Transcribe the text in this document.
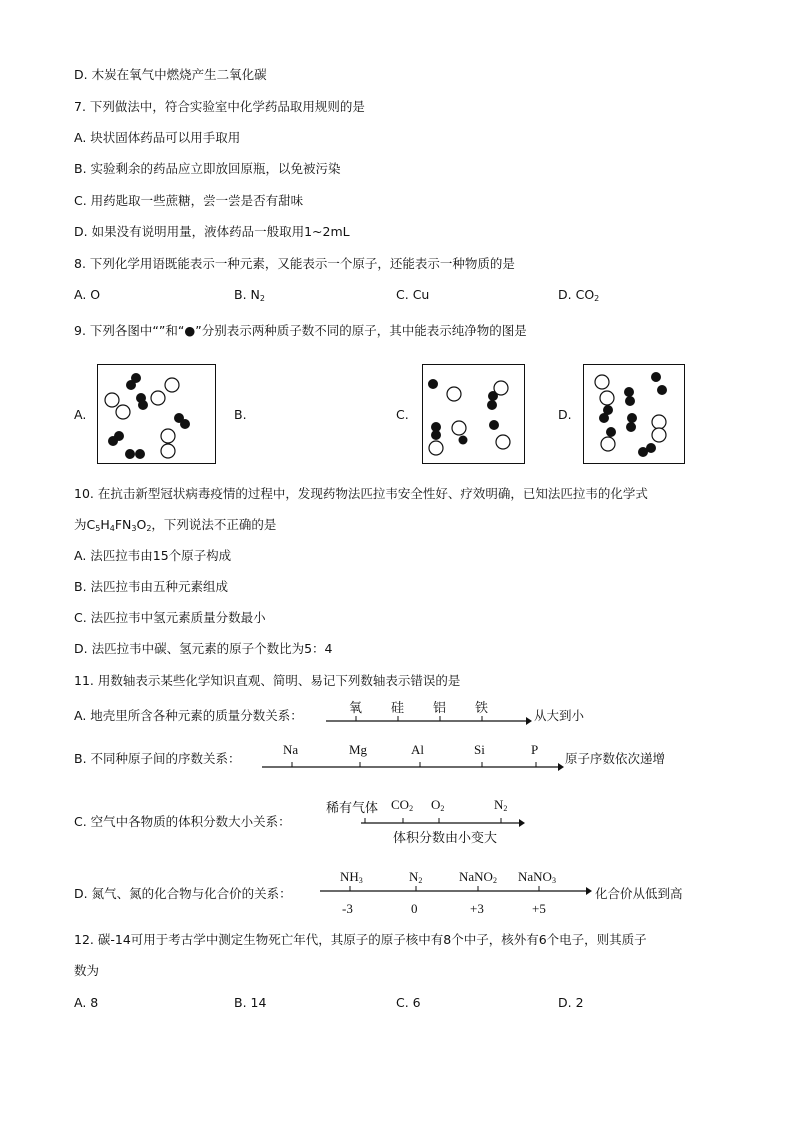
D. 木炭在氧气中燃烧产生二氧化碳
7. 下列做法中，符合实验室中化学药品取用规则的是
A. 块状固体药品可以用手取用
B. 实验剩余的药品应立即放回原瓶，以免被污染
C. 用药匙取一些蔗糖，尝一尝是否有甜味
D. 如果没有说明用量，液体药品一般取用1~2mL
8. 下列化学用语既能表示一种元素，又能表示一个原子，还能表示一种物质的是
A. O	B. $N_2$	C. Cu	D. $CO_2$
9. 下列各图中“”和“●”分别表示两种质子数不同的原子，其中能表示纯净物的图是
A.	B.	C.	D.
10. 在抗击新型冠状病毒疫情的过程中，发现药物法匹拉韦安全性好、疗效明确，已知法匹拉韦的化学式
为$C_5H_4FN_3O_2$，下列说法不正确的是
A. 法匹拉韦由15个原子构成
B. 法匹拉韦由五种元素组成
C. 法匹拉韦中氢元素质量分数最小
D. 法匹拉韦中碳、氢元素的原子个数比为5：4
11. 用数轴表示某些化学知识直观、简明、易记下列数轴表示错误的是
A. 地壳里所含各种元素的质量分数关系：	氧 硅 铝 铁	从大到小
B. 不同种原子间的序数关系：
Na	Mg	Al	Si	P
原子序数依次递增
C. 空气中各物质的体积分数大小关系：
稀有气体 $CO_2$ $O_2$	$N_2$
体积分数由小变大
D. 氮气、氮的化合物与化合价的关系：
$NH_3$	$N_2$	NaNO$_2$ NaNO$_3$
-3	0	+3	+5
化合价从低到高
12. 碳-14可用于考古学中测定生物死亡年代，其原子的原子核中有8个中子，核外有6个电子，则其质子
数为
A. 8	B. 14	C. 6	D. 2
